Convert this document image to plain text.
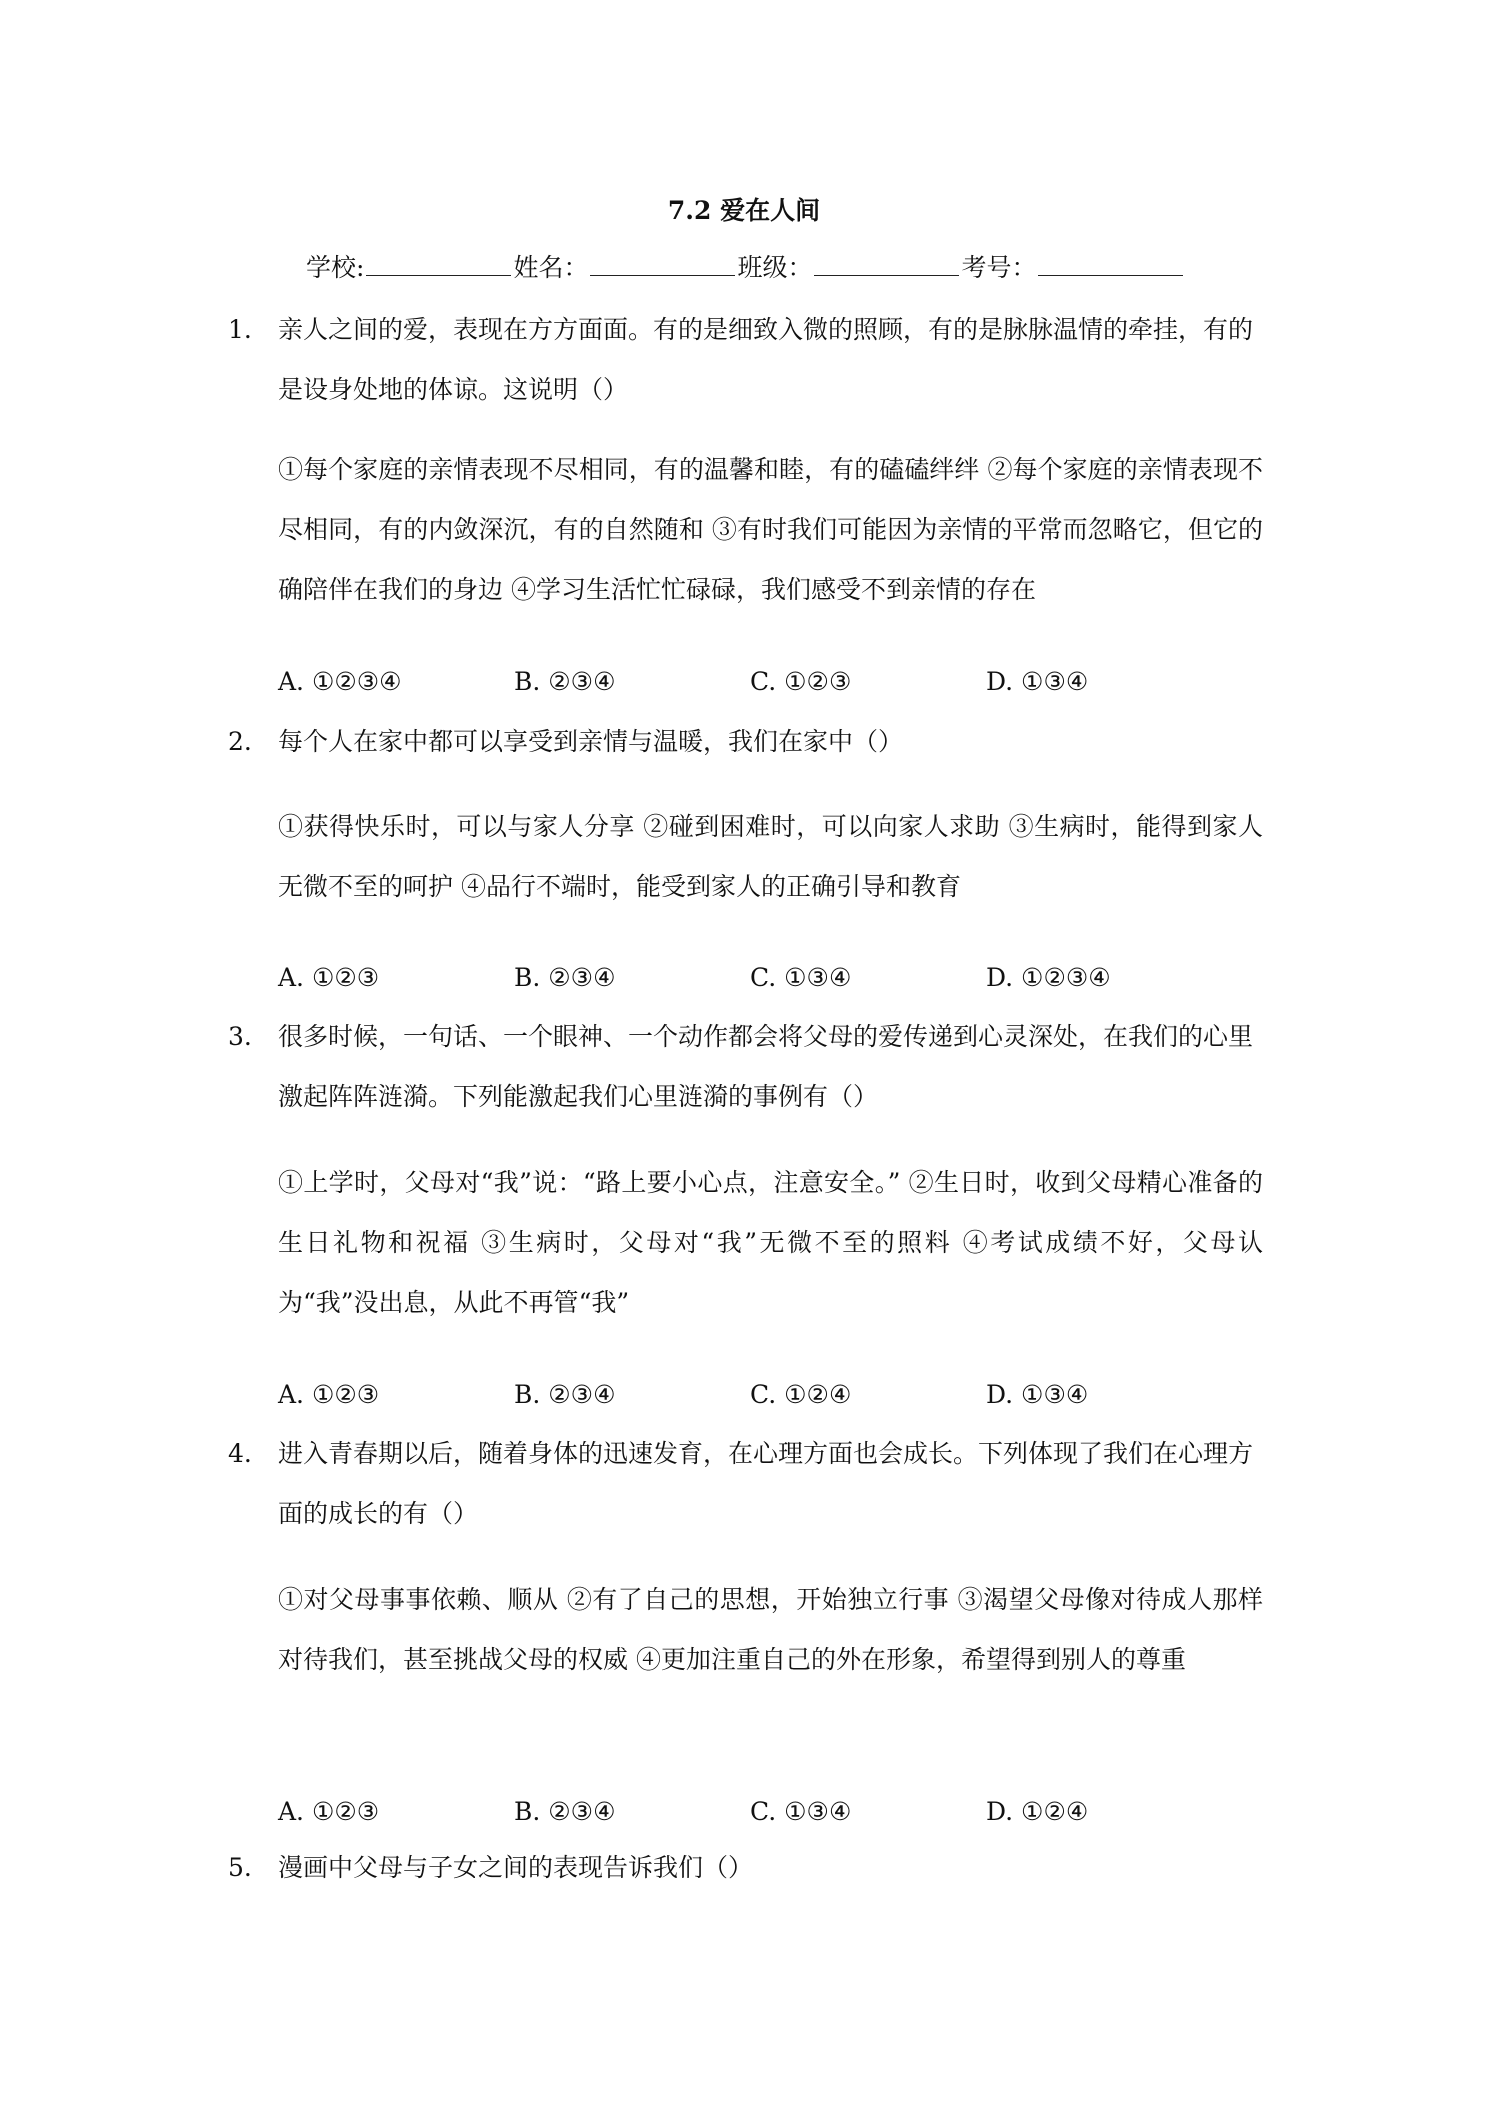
7.2 爱在人间
学校:	姓名：	班级：	考号：
1. 亲人之间的爱，表现在方方面面。有的是细致入微的照顾，有的是脉脉温情的牵挂，有的是设身处地的体谅。这说明（）

①每个家庭的亲情表现不尽相同，有的温馨和睦，有的磕磕绊绊 ②每个家庭的亲情表现不尽相同，有的内敛深沉，有的自然随和 ③有时我们可能因为亲情的平常而忽略它，但它的确陪伴在我们的身边 ④学习生活忙忙碌碌，我们感受不到亲情的存在

A. ①②③④	B. ②③④	C. ①②③	D. ①③④
2. 每个人在家中都可以享受到亲情与温暖，我们在家中（）

①获得快乐时，可以与家人分享 ②碰到困难时，可以向家人求助 ③生病时，能得到家人无微不至的呵护 ④品行不端时，能受到家人的正确引导和教育

A. ①②③	B. ②③④	C. ①③④	D. ①②③④
3. 很多时候，一句话、一个眼神、一个动作都会将父母的爱传递到心灵深处，在我们的心里激起阵阵涟漪。下列能激起我们心里涟漪的事例有（）

①上学时，父母对“我”说：“路上要小心点，注意安全。” ②生日时，收到父母精心准备的生日礼物和祝福 ③生病时，父母对“我”无微不至的照料 ④考试成绩不好，父母认为“我”没出息，从此不再管“我”

A. ①②③	B. ②③④	C. ①②④	D. ①③④
4. 进入青春期以后，随着身体的迅速发育，在心理方面也会成长。下列体现了我们在心理方面的成长的有（）

①对父母事事依赖、顺从 ②有了自己的思想，开始独立行事 ③渴望父母像对待成人那样对待我们，甚至挑战父母的权威 ④更加注重自己的外在形象，希望得到别人的尊重

A. ①②③	B. ②③④	C. ①③④	D. ①②④
5. 漫画中父母与子女之间的表现告诉我们（）
